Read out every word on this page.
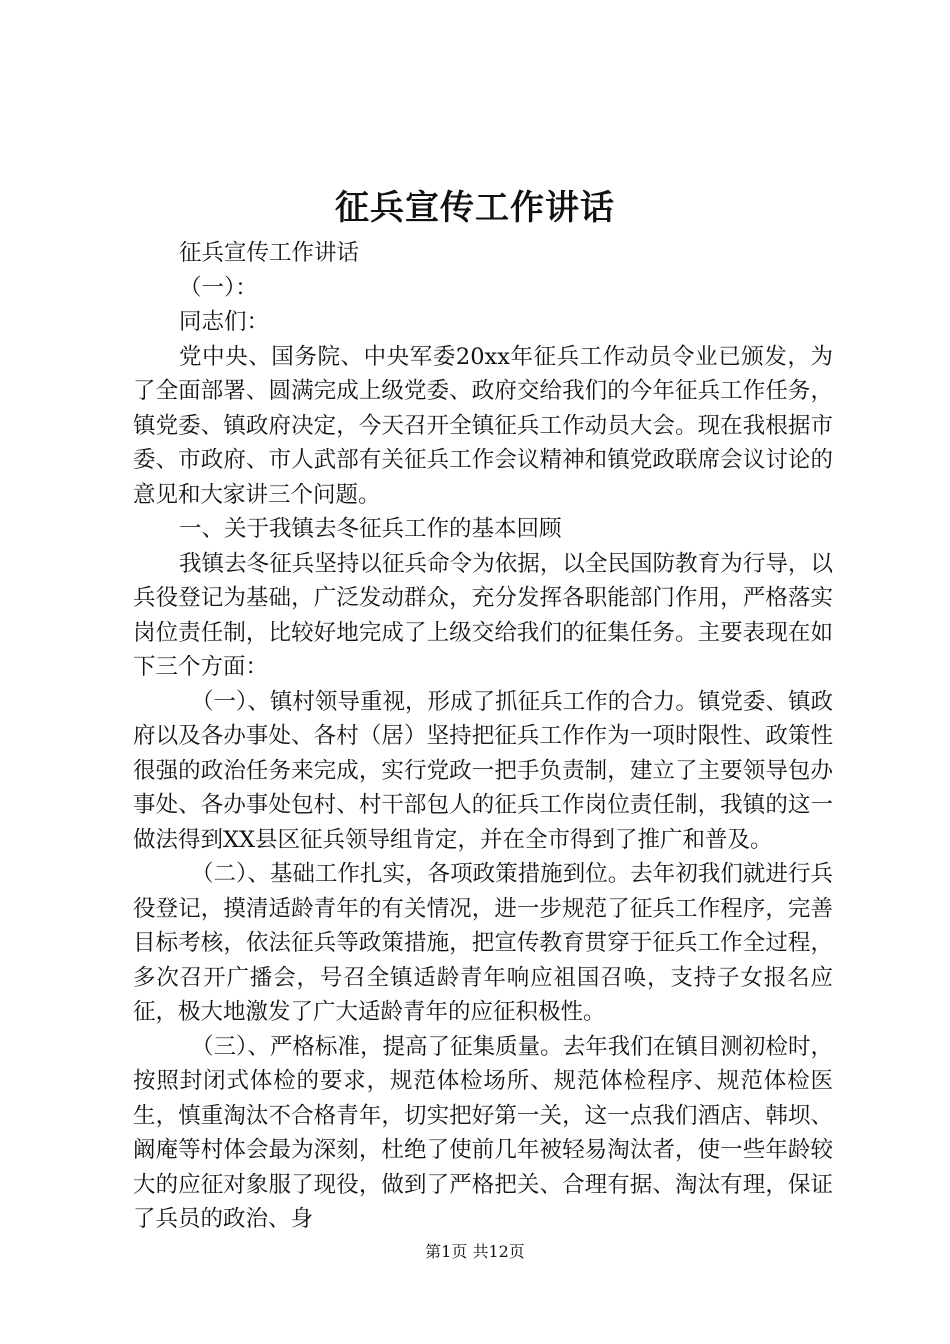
征兵宣传工作讲话

征兵宣传工作讲话

（一）：

同志们：

党中央、国务院、中央军委20xx年征兵工作动员令业已颁发，为了全面部署、圆满完成上级党委、政府交给我们的今年征兵工作任务，镇党委、镇政府决定，今天召开全镇征兵工作动员大会。现在我根据市委、市政府、市人武部有关征兵工作会议精神和镇党政联席会议讨论的意见和大家讲三个问题。

一、关于我镇去冬征兵工作的基本回顾

我镇去冬征兵坚持以征兵命令为依据，以全民国防教育为行导，以兵役登记为基础，广泛发动群众，充分发挥各职能部门作用，严格落实岗位责任制，比较好地完成了上级交给我们的征集任务。主要表现在如下三个方面：

（一）、镇村领导重视，形成了抓征兵工作的合力。镇党委、镇政府以及各办事处、各村（居）坚持把征兵工作作为一项时限性、政策性很强的政治任务来完成，实行党政一把手负责制，建立了主要领导包办事处、各办事处包村、村干部包人的征兵工作岗位责任制，我镇的这一做法得到XX县区征兵领导组肯定，并在全市得到了推广和普及。

（二）、基础工作扎实，各项政策措施到位。去年初我们就进行兵役登记，摸清适龄青年的有关情况，进一步规范了征兵工作程序，完善目标考核，依法征兵等政策措施，把宣传教育贯穿于征兵工作全过程，多次召开广播会，号召全镇适龄青年响应祖国召唤，支持子女报名应征，极大地激发了广大适龄青年的应征积极性。

（三）、严格标准，提高了征集质量。去年我们在镇目测初检时，按照封闭式体检的要求，规范体检场所、规范体检程序、规范体检医生，慎重淘汰不合格青年，切实把好第一关，这一点我们酒店、韩坝、阚庵等村体会最为深刻，杜绝了使前几年被轻易淘汰者，使一些年龄较大的应征对象服了现役，做到了严格把关、合理有据、淘汰有理，保证了兵员的政治、身

第1页 共12页
